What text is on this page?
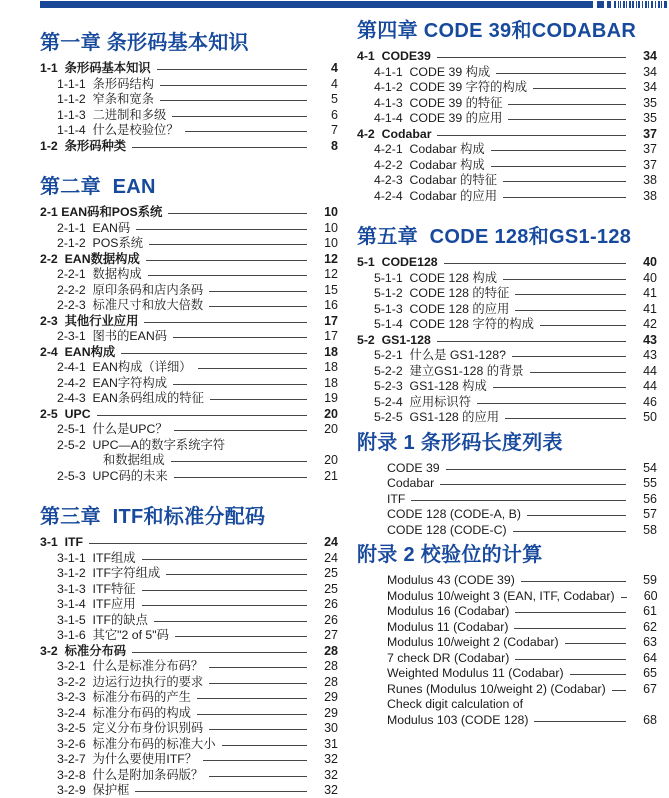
第一章 条形码基本知识
1-1  条形码基本知识	4
1-1-1  条形码结构	4
1-1-2  窄条和宽条	5
1-1-3  二进制和多级	6
1-1-4  什么是校验位？	7
1-2  条形码种类	8
第二章  EAN
2-1 EAN码和POS系统	10
2-1-1  EAN码	10
2-1-2  POS系统	10
2-2  EAN数据构成	12
2-2-1  数据构成	12
2-2-2  原印条码和店内条码	15
2-2-3  标准尺寸和放大倍数	16
2-3  其他行业应用	17
2-3-1  图书的EAN码	17
2-4  EAN构成	18
2-4-1  EAN构成（详细）	18
2-4-2  EAN字符构成	18
2-4-3  EAN条码组成的特征	19
2-5  UPC	20
2-5-1  什么是UPC？	20
2-5-2  UPC—A的数字系统字符
和数据组成	20
2-5-3  UPC码的未来	21
第三章  ITF和标准分配码
3-1  ITF	24
3-1-1  ITF组成	24
3-1-2  ITF字符组成	25
3-1-3  ITF特征	25
3-1-4  ITF应用	26
3-1-5  ITF的缺点	26
3-1-6  其它"2 of 5"码	27
3-2  标准分布码	28
3-2-1  什么是标准分布码？	28
3-2-2  边运行边执行的要求	28
3-2-3  标准分布码的产生	29
3-2-4  标准分布码的构成	29
3-2-5  定义分布身份识别码	30
3-2-6  标准分布码的标准大小	31
3-2-7  为什么要使用ITF？	32
3-2-8  什么是附加条码版？	32
3-2-9  保护框	32
第四章 CODE 39和CODABAR
4-1  CODE39	34
4-1-1  CODE 39 构成	34
4-1-2  CODE 39 字符的构成	34
4-1-3  CODE 39 的特征	35
4-1-4  CODE 39 的应用	35
4-2  Codabar	37
4-2-1  Codabar 构成	37
4-2-2  Codabar 构成	37
4-2-3  Codabar 的特征	38
4-2-4  Codabar 的应用	38
第五章  CODE 128和GS1-128
5-1  CODE128	40
5-1-1  CODE 128 构成	40
5-1-2  CODE 128 的特征	41
5-1-3  CODE 128 的应用	41
5-1-4  CODE 128 字符的构成	42
5-2  GS1-128	43
5-2-1  什么是 GS1-128?	43
5-2-2  建立GS1-128 的背景	44
5-2-3  GS1-128 构成	44
5-2-4  应用标识符	46
5-2-5  GS1-128 的应用	50
附录 1 条形码长度列表
CODE 39	54
Codabar	55
ITF	56
CODE 128 (CODE-A, B)	57
CODE 128 (CODE-C)	58
附录 2 校验位的计算
Modulus 43 (CODE 39)	59
Modulus 10/weight 3 (EAN, ITF, Codabar)	60
Modulus 16 (Codabar)	61
Modulus 11 (Codabar)	62
Modulus 10/weight 2 (Codabar)	63
7 check DR (Codabar)	64
Weighted Modulus 11 (Codabar)	65
Runes (Modulus 10/weight 2) (Codabar)	67
Check digit calculation of
Modulus 103 (CODE 128)	68
